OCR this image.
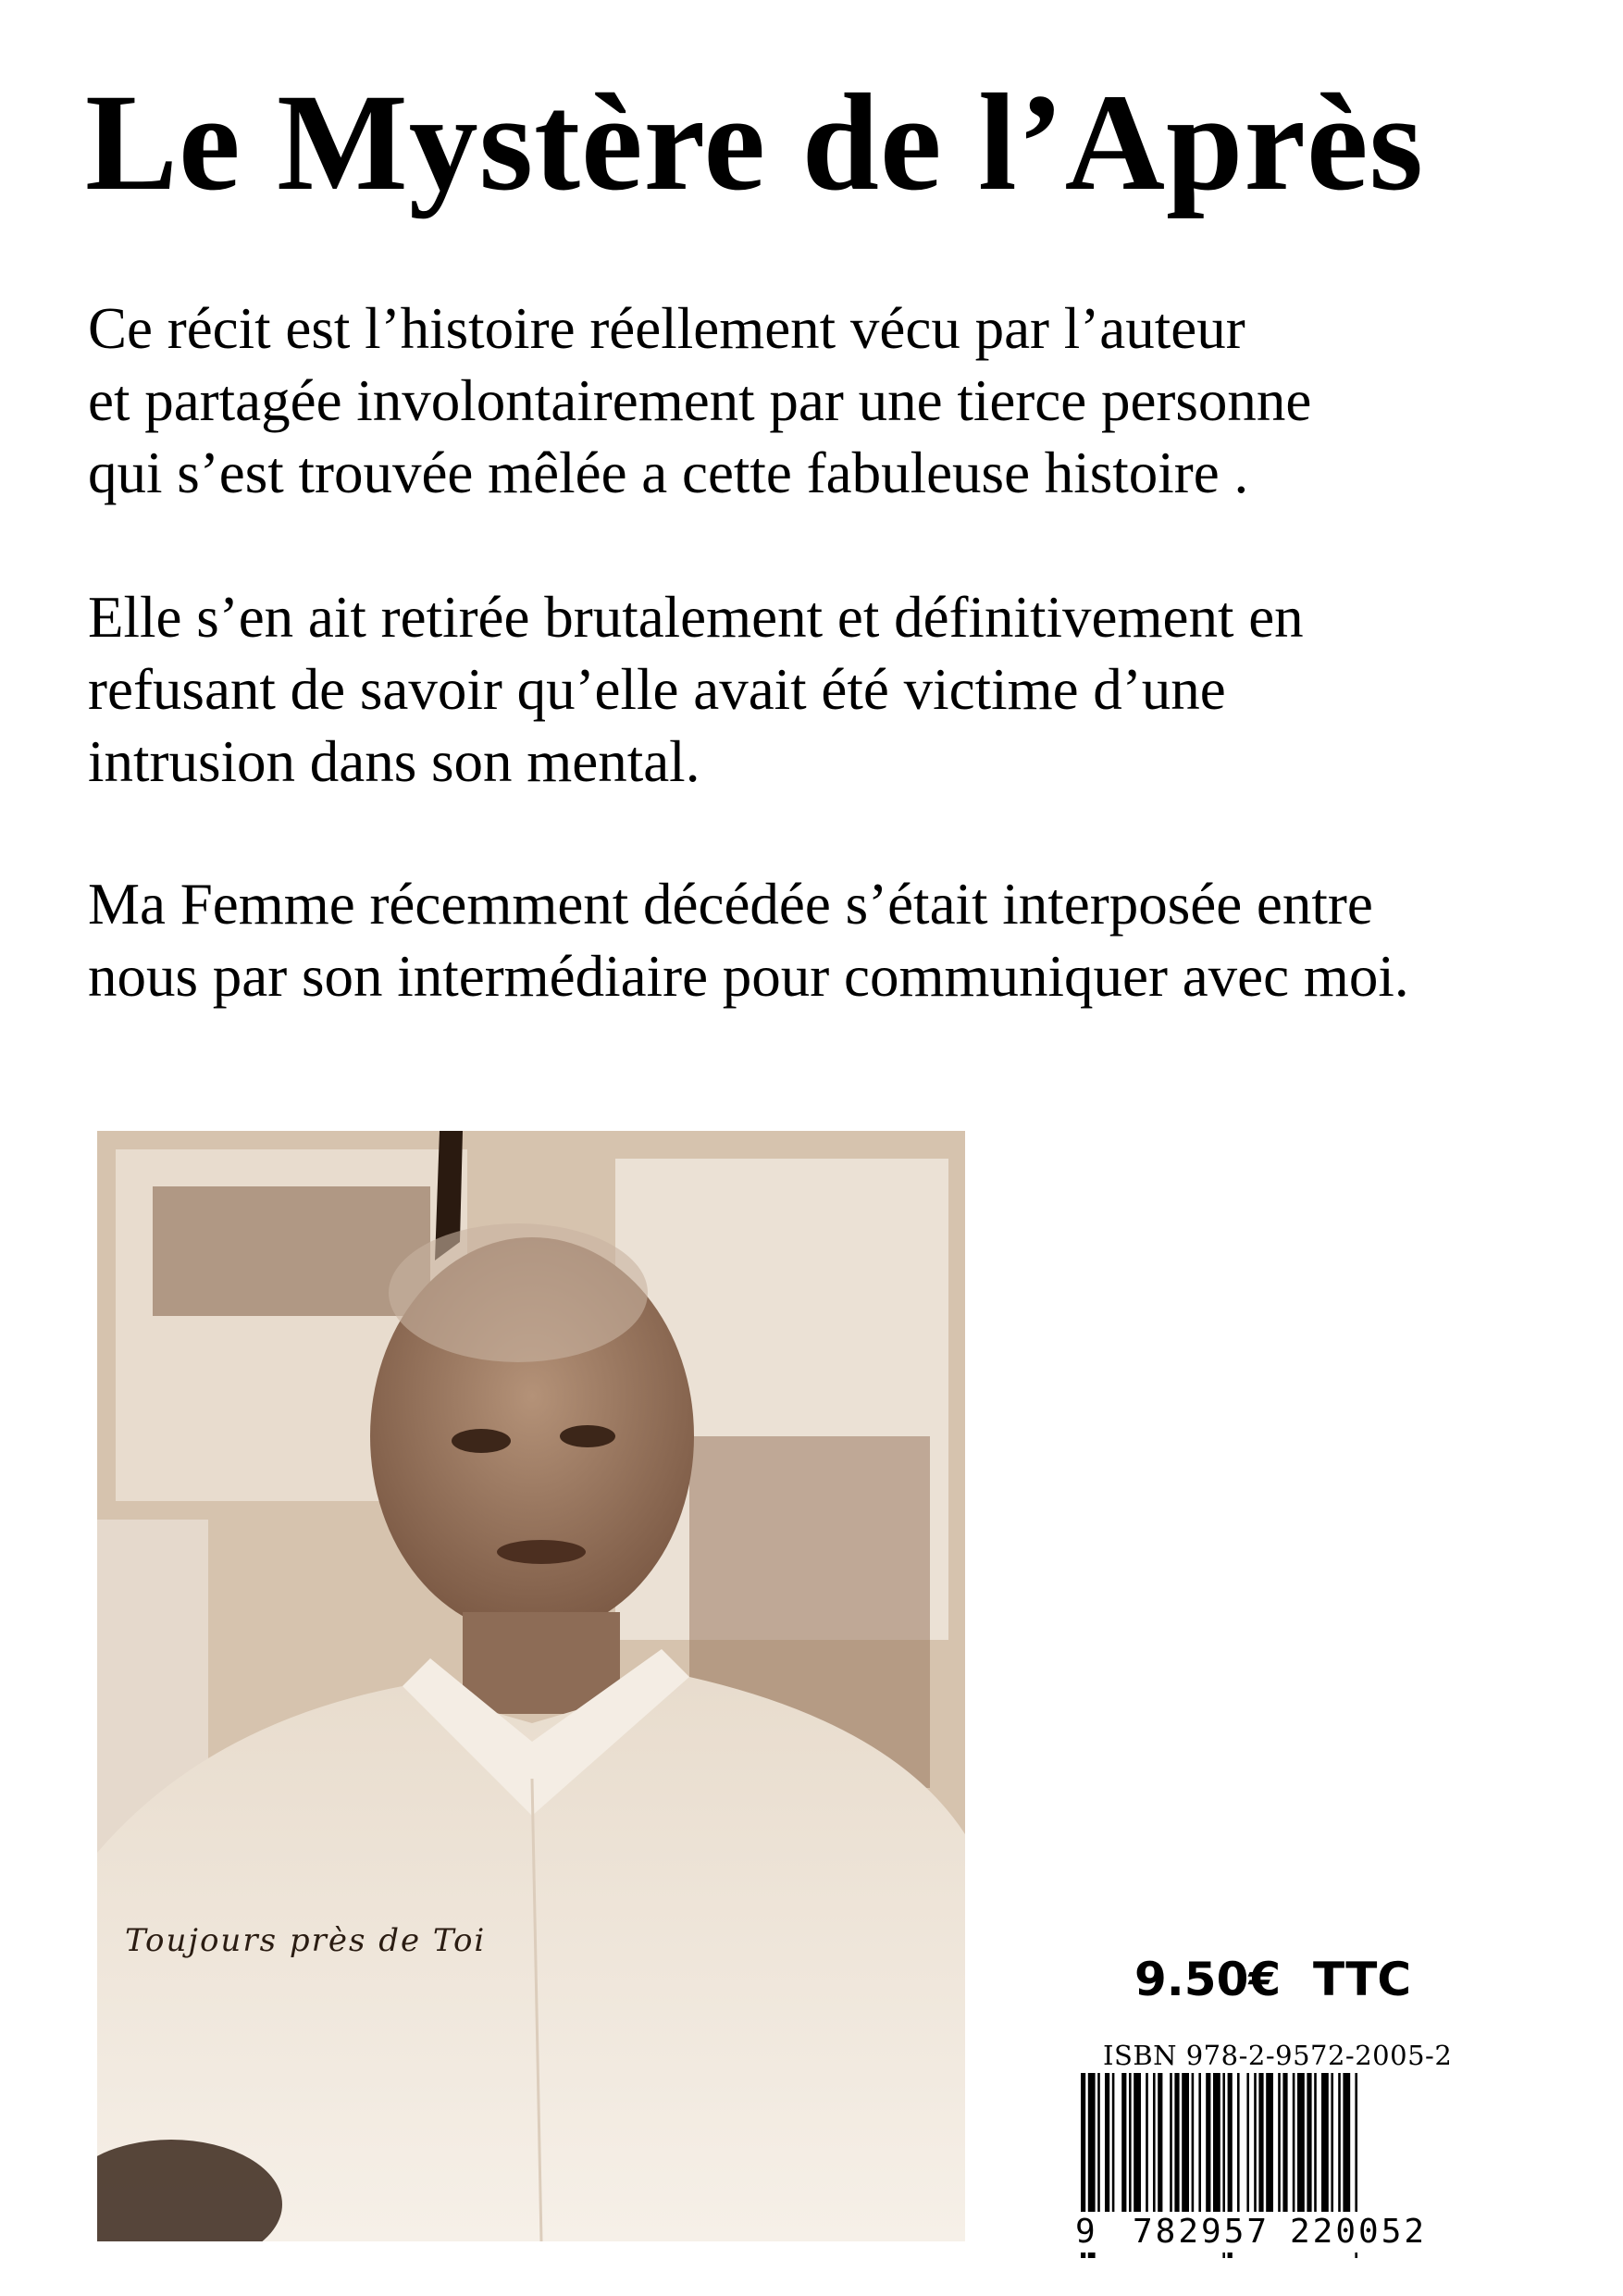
Le Mystère de l’Après

Ce récit est l’histoire réellement vécu par l’auteur
et partagée involontairement par une tierce personne
qui s’est trouvée mêlée a cette fabuleuse histoire .

Elle s’en ait retirée brutalement et définitivement en
refusant de savoir qu’elle avait été victime d’une
intrusion dans son mental.

Ma Femme récemment décédée s’était interposée entre
nous par son intermédiaire pour communiquer avec moi.

Toujours près de Toi
9.50€  TTC
ISBN 978-2-9572-2005-2
9 782957 220052
